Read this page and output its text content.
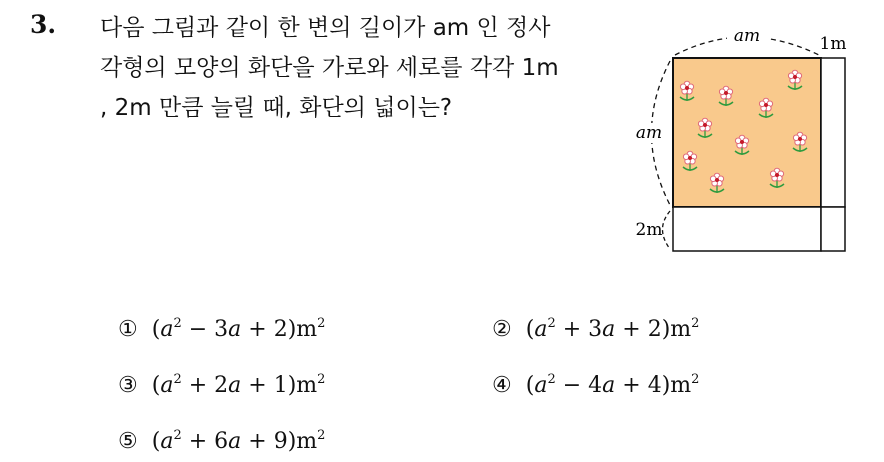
3. 다음 그림과 같이 한 변의 길이가 am 인 정사
각형의 모양의 화단을 가로와 세로를 각각 1m
, 2m 만큼 늘릴 때, 화단의 넓이는?
am	1m
am
2m
① $(a^2 - 3a + 2)m^2$	② $(a^2 + 3a + 2)m^2$
③ $(a^2 + 2a + 1)m^2$	④ $(a^2 - 4a + 4)m^2$
⑤ $(a^2 + 6a + 9)m^2$
